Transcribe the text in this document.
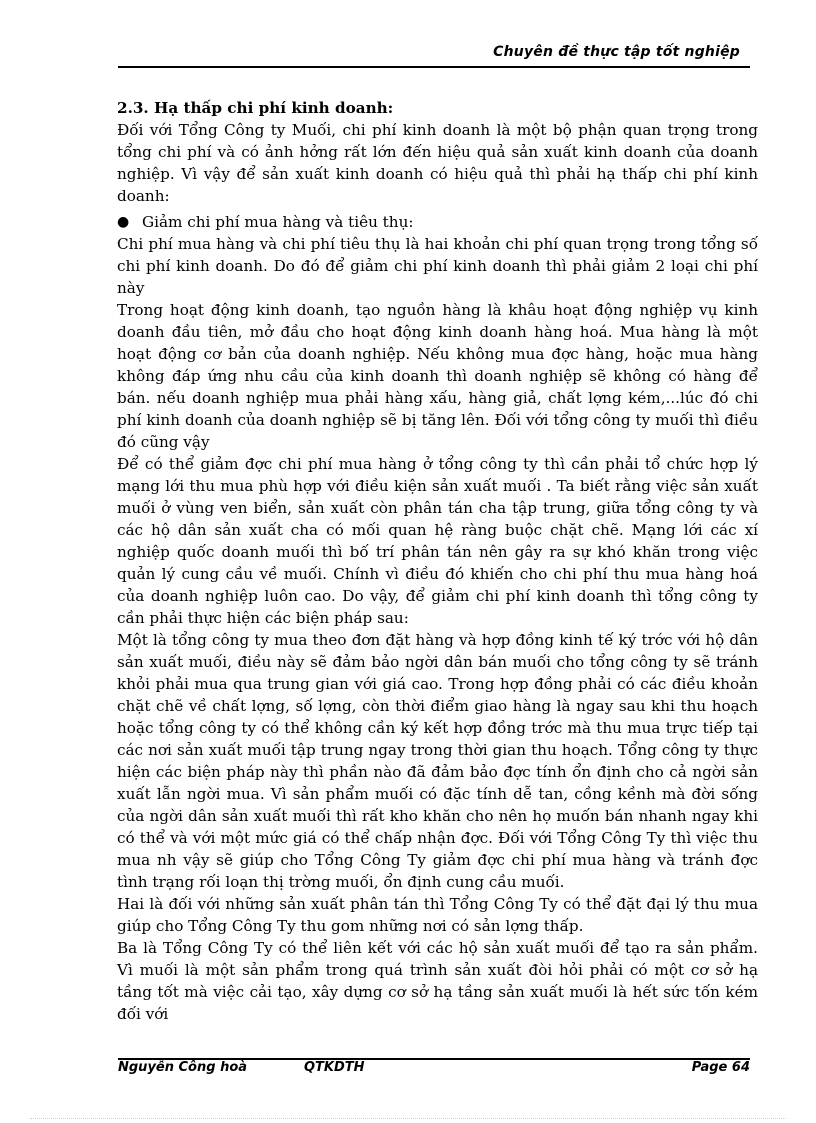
Chuyên đề thực tập tốt nghiệp

2.3. Hạ thấp chi phí kinh doanh:

Đối với Tổng Công ty Muối, chi phí kinh doanh là một bộ phận quan trọng trong tổng chi phí và có ảnh hởng rất lớn đến hiệu quả sản xuất kinh doanh của doanh nghiệp. Vì vậy để sản xuất kinh doanh có hiệu quả thì phải hạ thấp chi phí kinh doanh:

● Giảm chi phí mua hàng và tiêu thụ:

Chi phí mua hàng và chi phí tiêu thụ là hai khoản chi phí quan trọng trong tổng số chi phí kinh doanh. Do đó để giảm chi phí kinh doanh thì phải giảm 2 loại chi phí này

Trong hoạt động kinh doanh, tạo nguồn hàng là khâu hoạt động nghiệp vụ kinh doanh đầu tiên, mở đầu cho hoạt động kinh doanh hàng hoá. Mua hàng là một hoạt động cơ bản của doanh nghiệp. Nếu không mua đợc hàng, hoặc mua hàng không đáp ứng nhu cầu của kinh doanh thì doanh nghiệp sẽ không có hàng để bán. nếu doanh nghiệp mua phải hàng xấu, hàng giả, chất lợng kém,...lúc đó chi phí kinh doanh của doanh nghiệp sẽ bị tăng lên. Đối với tổng công ty muối thì điều đó cũng vậy

Để có thể giảm đợc chi phí mua hàng ở tổng công ty thì cần phải tổ chức hợp lý mạng lới thu mua phù hợp với điều kiện sản xuất muối . Ta biết rằng việc sản xuất muối ở vùng ven biển, sản xuất còn phân tán cha tập trung, giữa tổng công ty và các hộ dân sản xuất cha có mối quan hệ ràng buộc chặt chẽ. Mạng lới các xí nghiệp quốc doanh muối thì bố trí phân tán nên gây ra sự khó khăn trong việc quản lý cung cầu về muối. Chính vì điều đó khiến cho chi phí thu mua hàng hoá của doanh nghiệp luôn cao. Do vậy, để giảm chi phí kinh doanh thì tổng công ty cần phải thực hiện các biện pháp sau:

Một là tổng công ty mua theo đơn đặt hàng và hợp đồng kinh tế ký trớc với hộ dân sản xuất muối, điều này sẽ đảm bảo ngời dân bán muối cho tổng công ty sẽ tránh khỏi phải mua qua trung gian với giá cao. Trong hợp đồng phải có các điều khoản chặt chẽ về chất lợng, số lợng, còn thời điểm giao hàng là ngay sau khi thu hoạch hoặc tổng công ty có thể không cần ký kết hợp đồng trớc mà thu mua trực tiếp tại các nơi sản xuất muối tập trung ngay trong thời gian thu hoạch. Tổng công ty thực hiện các biện pháp này thì phần nào đã đảm bảo đợc tính ổn định cho cả ngời sản xuất lẫn ngời mua. Vì sản phẩm muối có đặc tính dễ tan, cồng kềnh mà đời sống của ngời dân sản xuất muối thì rất kho khăn cho nên họ muốn bán nhanh ngay khi có thể và với một mức giá có thể chấp nhận đợc. Đối với Tổng Công Ty thì việc thu mua nh vậy sẽ giúp cho Tổng Công Ty giảm đợc chi phí mua hàng và tránh đợc tình trạng rối loạn thị trờng muối, ổn định cung cầu muối.

Hai là đối với những sản xuất phân tán thì Tổng Công Ty có thể đặt đại lý thu mua giúp cho Tổng Công Ty thu gom những nơi có sản lợng thấp.

Ba là Tổng Công Ty có thể liên kết với các hộ sản xuất muối để tạo ra sản phẩm. Vì muối là một sản phẩm trong quá trình sản xuất đòi hỏi phải có một cơ sở hạ tầng tốt mà việc cải tạo, xây dựng cơ sở hạ tầng sản xuất muối là hết sức tốn kém đối với

Nguyễn Công hoà	QTKDTH	Page 64
